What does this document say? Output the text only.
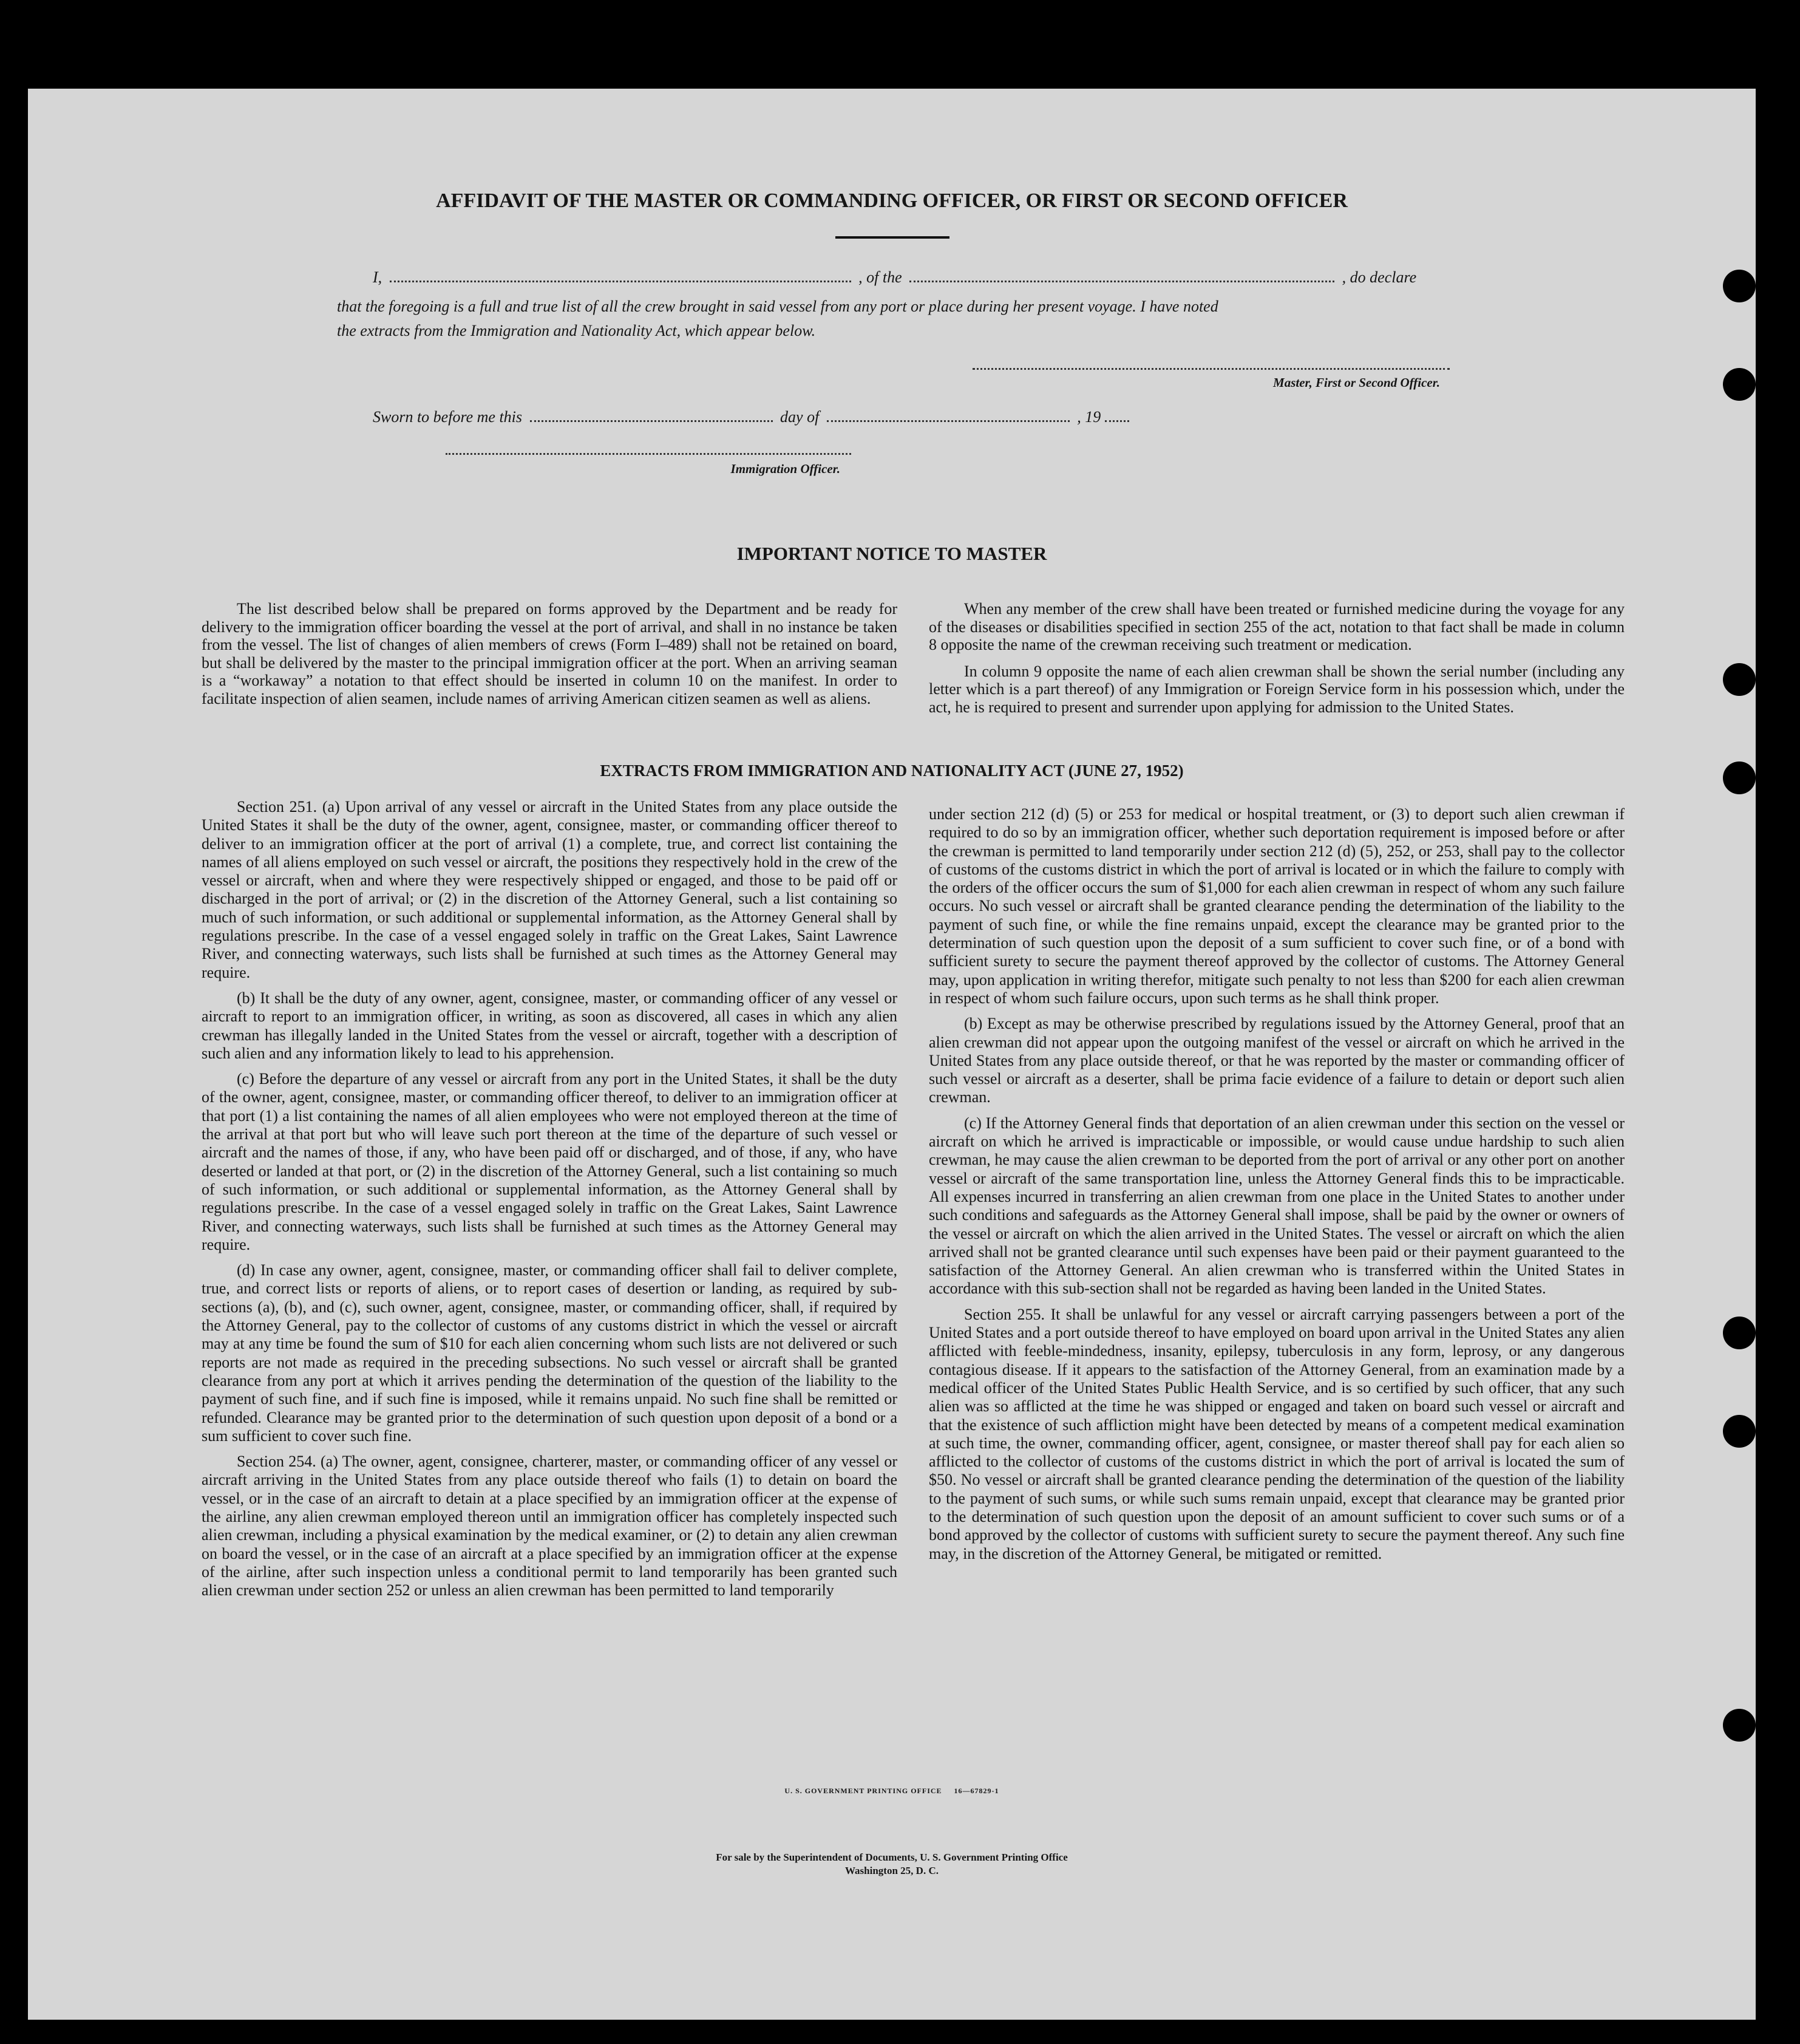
AFFIDAVIT OF THE MASTER OR COMMANDING OFFICER, OR FIRST OR SECOND OFFICER
I,	, of the	, do declare
that the foregoing is a full and true list of all the crew brought in said vessel from any port or place during her present voyage. I have noted
the extracts from the Immigration and Nationality Act, which appear below.
Master, First or Second Officer.
Sworn to before me this	day of	, 19
Immigration Officer.
IMPORTANT NOTICE TO MASTER

The list described below shall be prepared on forms approved by the Department and be ready for delivery to the immigration officer boarding the vessel at the port of arrival, and shall in no instance be taken from the vessel. The list of changes of alien members of crews (Form I–489) shall not be retained on board, but shall be delivered by the master to the principal immigration officer at the port. When an arriving seaman is a “workaway” a notation to that effect should be inserted in column 10 on the manifest. In order to facilitate inspection of alien seamen, include names of arriving American citizen seamen as well as aliens.

When any member of the crew shall have been treated or furnished medicine during the voyage for any of the diseases or disabilities specified in section 255 of the act, notation to that fact shall be made in column 8 opposite the name of the crewman receiving such treatment or medication.

In column 9 opposite the name of each alien crewman shall be shown the serial number (including any letter which is a part thereof) of any Immigration or Foreign Service form in his possession which, under the act, he is required to present and surrender upon applying for admission to the United States.

EXTRACTS FROM IMMIGRATION AND NATIONALITY ACT (JUNE 27, 1952)

Section 251. (a) Upon arrival of any vessel or aircraft in the United States from any place outside the United States it shall be the duty of the owner, agent, consignee, master, or commanding officer thereof to deliver to an immigration officer at the port of arrival (1) a complete, true, and correct list containing the names of all aliens employed on such vessel or aircraft, the positions they respectively hold in the crew of the vessel or aircraft, when and where they were respectively shipped or engaged, and those to be paid off or discharged in the port of arrival; or (2) in the discretion of the Attorney General, such a list containing so much of such information, or such additional or supplemental information, as the Attorney General shall by regulations prescribe. In the case of a vessel engaged solely in traffic on the Great Lakes, Saint Lawrence River, and connecting waterways, such lists shall be furnished at such times as the Attorney General may require.

(b) It shall be the duty of any owner, agent, consignee, master, or commanding officer of any vessel or aircraft to report to an immigration officer, in writing, as soon as discovered, all cases in which any alien crewman has illegally landed in the United States from the vessel or aircraft, together with a description of such alien and any information likely to lead to his apprehension.

(c) Before the departure of any vessel or aircraft from any port in the United States, it shall be the duty of the owner, agent, consignee, master, or commanding officer thereof, to deliver to an immigration officer at that port (1) a list containing the names of all alien employees who were not employed thereon at the time of the arrival at that port but who will leave such port thereon at the time of the departure of such vessel or aircraft and the names of those, if any, who have been paid off or discharged, and of those, if any, who have deserted or landed at that port, or (2) in the discretion of the Attorney General, such a list containing so much of such information, or such additional or supplemental information, as the Attorney General shall by regulations prescribe. In the case of a vessel engaged solely in traffic on the Great Lakes, Saint Lawrence River, and connecting waterways, such lists shall be furnished at such times as the Attorney General may require.

(d) In case any owner, agent, consignee, master, or commanding officer shall fail to deliver complete, true, and correct lists or reports of aliens, or to report cases of desertion or landing, as required by sub-sections (a), (b), and (c), such owner, agent, consignee, master, or commanding officer, shall, if required by the Attorney General, pay to the collector of customs of any customs district in which the vessel or aircraft may at any time be found the sum of $10 for each alien concerning whom such lists are not delivered or such reports are not made as required in the preceding subsections. No such vessel or aircraft shall be granted clearance from any port at which it arrives pending the determination of the question of the liability to the payment of such fine, and if such fine is imposed, while it remains unpaid. No such fine shall be remitted or refunded. Clearance may be granted prior to the determination of such question upon deposit of a bond or a sum sufficient to cover such fine.

Section 254. (a) The owner, agent, consignee, charterer, master, or commanding officer of any vessel or aircraft arriving in the United States from any place outside thereof who fails (1) to detain on board the vessel, or in the case of an aircraft to detain at a place specified by an immigration officer at the expense of the airline, any alien crewman employed thereon until an immigration officer has completely inspected such alien crewman, including a physical examination by the medical examiner, or (2) to detain any alien crewman on board the vessel, or in the case of an aircraft at a place specified by an immigration officer at the expense of the airline, after such inspection unless a conditional permit to land temporarily has been granted such alien crewman under section 252 or unless an alien crewman has been permitted to land temporarily

under section 212 (d) (5) or 253 for medical or hospital treatment, or (3) to deport such alien crewman if required to do so by an immigration officer, whether such deportation requirement is imposed before or after the crewman is permitted to land temporarily under section 212 (d) (5), 252, or 253, shall pay to the collector of customs of the customs district in which the port of arrival is located or in which the failure to comply with the orders of the officer occurs the sum of $1,000 for each alien crewman in respect of whom any such failure occurs. No such vessel or aircraft shall be granted clearance pending the determination of the liability to the payment of such fine, or while the fine remains unpaid, except the clearance may be granted prior to the determination of such question upon the deposit of a sum sufficient to cover such fine, or of a bond with sufficient surety to secure the payment thereof approved by the collector of customs. The Attorney General may, upon application in writing therefor, mitigate such penalty to not less than $200 for each alien crewman in respect of whom such failure occurs, upon such terms as he shall think proper.

(b) Except as may be otherwise prescribed by regulations issued by the Attorney General, proof that an alien crewman did not appear upon the outgoing manifest of the vessel or aircraft on which he arrived in the United States from any place outside thereof, or that he was reported by the master or commanding officer of such vessel or aircraft as a deserter, shall be prima facie evidence of a failure to detain or deport such alien crewman.

(c) If the Attorney General finds that deportation of an alien crewman under this section on the vessel or aircraft on which he arrived is impracticable or impossible, or would cause undue hardship to such alien crewman, he may cause the alien crewman to be deported from the port of arrival or any other port on another vessel or aircraft of the same transportation line, unless the Attorney General finds this to be impracticable. All expenses incurred in transferring an alien crewman from one place in the United States to another under such conditions and safeguards as the Attorney General shall impose, shall be paid by the owner or owners of the vessel or aircraft on which the alien arrived in the United States. The vessel or aircraft on which the alien arrived shall not be granted clearance until such expenses have been paid or their payment guaranteed to the satisfaction of the Attorney General. An alien crewman who is transferred within the United States in accordance with this sub-section shall not be regarded as having been landed in the United States.

Section 255. It shall be unlawful for any vessel or aircraft carrying passengers between a port of the United States and a port outside thereof to have employed on board upon arrival in the United States any alien afflicted with feeble-mindedness, insanity, epilepsy, tuberculosis in any form, leprosy, or any dangerous contagious disease. If it appears to the satisfaction of the Attorney General, from an examination made by a medical officer of the United States Public Health Service, and is so certified by such officer, that any such alien was so afflicted at the time he was shipped or engaged and taken on board such vessel or aircraft and that the existence of such affliction might have been detected by means of a competent medical examination at such time, the owner, commanding officer, agent, consignee, or master thereof shall pay for each alien so afflicted to the collector of customs of the customs district in which the port of arrival is located the sum of $50. No vessel or aircraft shall be granted clearance pending the determination of the question of the liability to the payment of such sums, or while such sums remain unpaid, except that clearance may be granted prior to the determination of such question upon the deposit of an amount sufficient to cover such sums or of a bond approved by the collector of customs with sufficient surety to secure the payment thereof. Any such fine may, in the discretion of the Attorney General, be mitigated or remitted.

U. S. GOVERNMENT PRINTING OFFICE     16—67829-1
For sale by the Superintendent of Documents, U. S. Government Printing Office
Washington 25, D. C.
